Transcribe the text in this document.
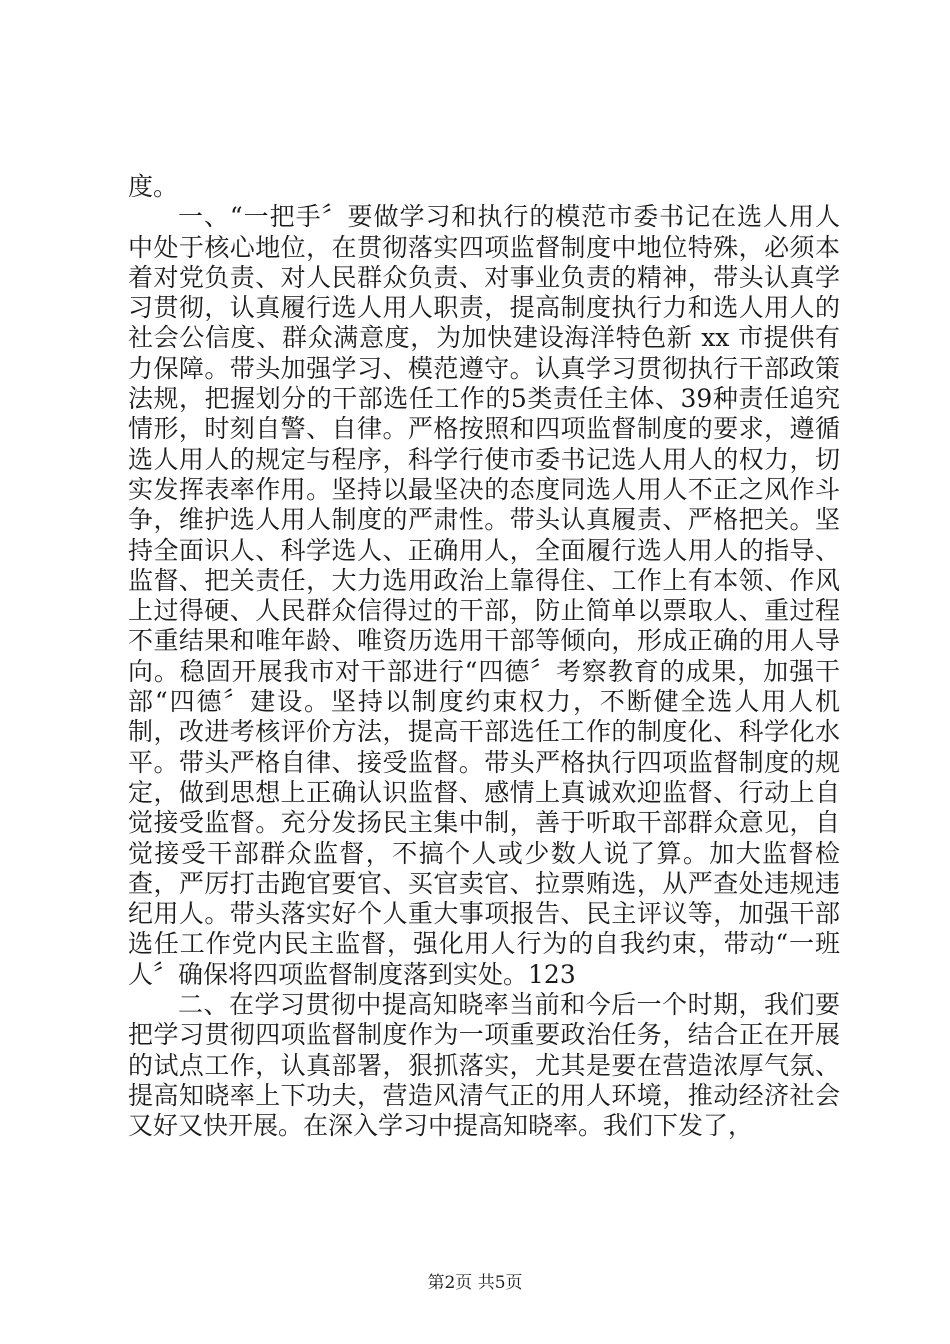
度。

一、“一把手〞要做学习和执行的模范市委书记在选人用人中处于核心地位，在贯彻落实四项监督制度中地位特殊，必须本着对党负责、对人民群众负责、对事业负责的精神，带头认真学习贯彻，认真履行选人用人职责，提高制度执行力和选人用人的社会公信度、群众满意度，为加快建设海洋特色新 xx 市提供有力保障。带头加强学习、模范遵守。认真学习贯彻执行干部政策法规，把握划分的干部选任工作的5类责任主体、39种责任追究情形，时刻自警、自律。严格按照和四项监督制度的要求，遵循选人用人的规定与程序，科学行使市委书记选人用人的权力，切实发挥表率作用。坚持以最坚决的态度同选人用人不正之风作斗争，维护选人用人制度的严肃性。带头认真履责、严格把关。坚持全面识人、科学选人、正确用人，全面履行选人用人的指导、监督、把关责任，大力选用政治上靠得住、工作上有本领、作风上过得硬、人民群众信得过的干部，防止简单以票取人、重过程不重结果和唯年龄、唯资历选用干部等倾向，形成正确的用人导向。稳固开展我市对干部进行“四德〞考察教育的成果，加强干部“四德〞建设。坚持以制度约束权力，不断健全选人用人机制，改进考核评价方法，提高干部选任工作的制度化、科学化水平。带头严格自律、接受监督。带头严格执行四项监督制度的规定，做到思想上正确认识监督、感情上真诚欢迎监督、行动上自觉接受监督。充分发扬民主集中制，善于听取干部群众意见，自觉接受干部群众监督，不搞个人或少数人说了算。加大监督检查，严厉打击跑官要官、买官卖官、拉票贿选，从严查处违规违纪用人。带头落实好个人重大事项报告、民主评议等，加强干部选任工作党内民主监督，强化用人行为的自我约束，带动“一班人〞确保将四项监督制度落到实处。123

二、在学习贯彻中提高知晓率当前和今后一个时期，我们要把学习贯彻四项监督制度作为一项重要政治任务，结合正在开展的试点工作，认真部署，狠抓落实，尤其是要在营造浓厚气氛、提高知晓率上下功夫，营造风清气正的用人环境，推动经济社会又好又快开展。在深入学习中提高知晓率。我们下发了，

第2页 共5页
